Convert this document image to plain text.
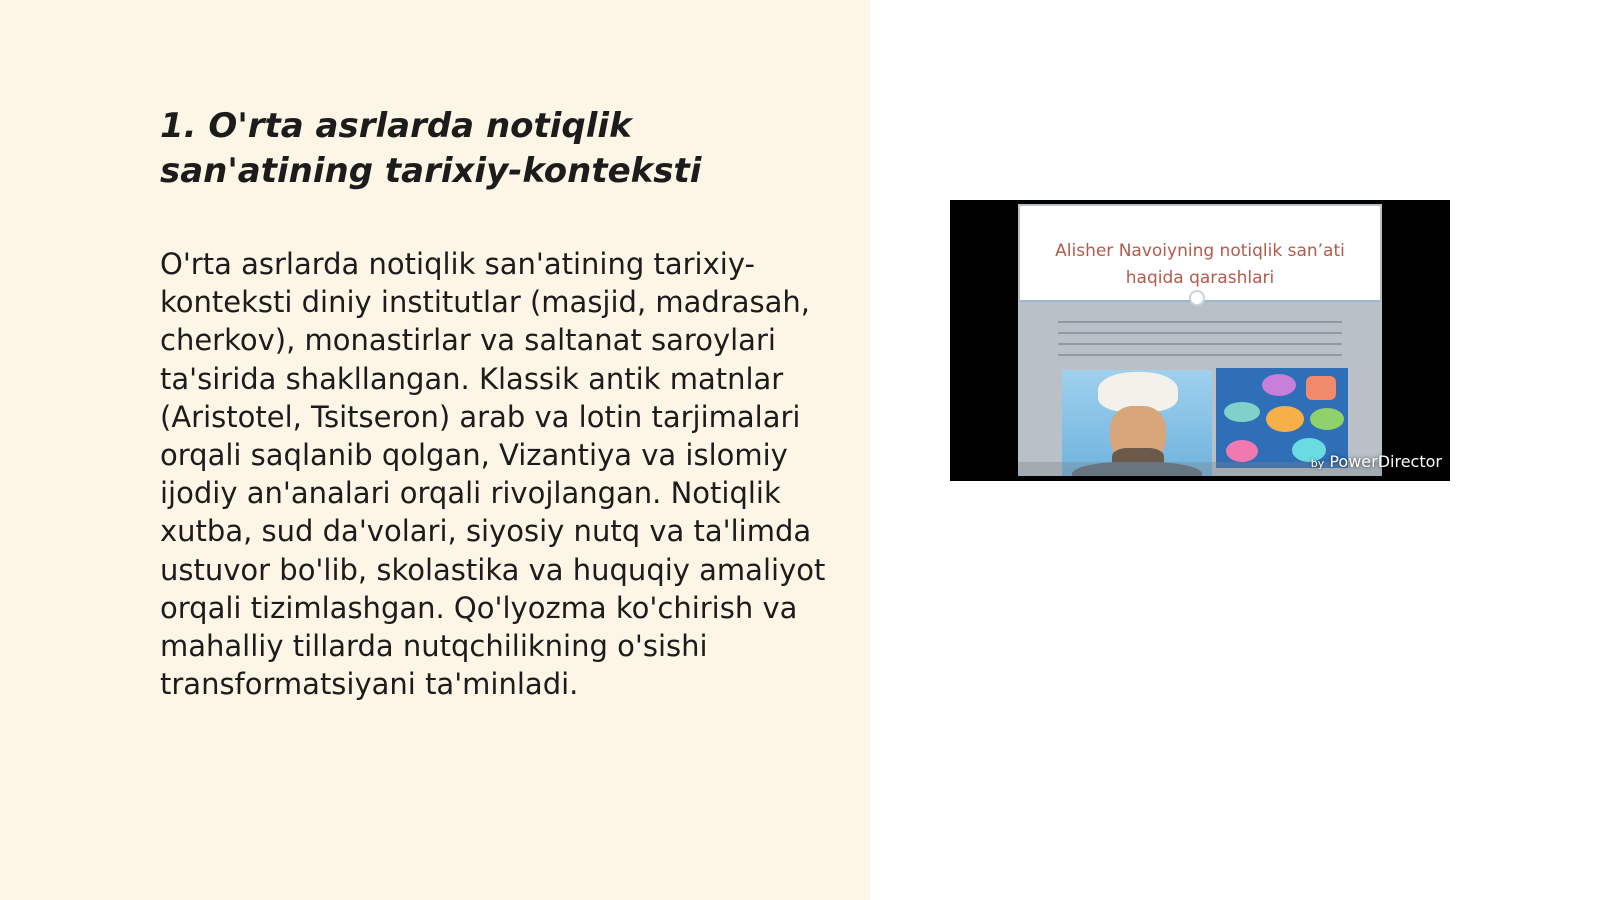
1. O'rta asrlarda notiqlik san'atining tarixiy-konteksti

O'rta asrlarda notiqlik san'atining tarixiy-konteksti diniy institutlar (masjid, madrasah, cherkov), monastirlar va saltanat saroylari ta'sirida shakllangan. Klassik antik matnlar (Aristotel, Tsitseron) arab va lotin tarjimalari orqali saqlanib qolgan, Vizantiya va islomiy ijodiy an'analari orqali rivojlangan. Notiqlik xutba, sud da'volari, siyosiy nutq va ta'limda ustuvor bo'lib, skolastika va huquqiy amaliyot orqali tizimlashgan. Qo'lyozma ko'chirish va mahalliy tillarda nutqchilikning o'sishi transformatsiyani ta'minladi.

Alisher Navoiyning notiqlik san’ati
haqida qarashlari
by PowerDirector
